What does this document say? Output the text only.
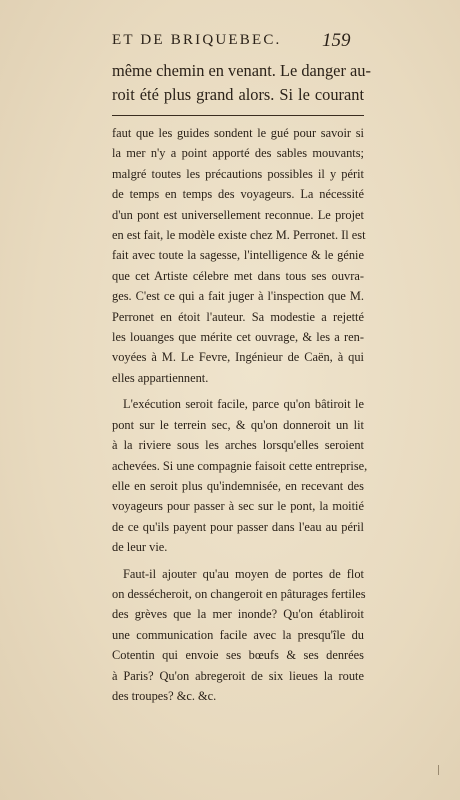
ET DE BRIQUEBEC. 159
même chemin en venant. Le danger au-
roit été plus grand alors. Si le courant
faut que les guides sondent le gué pour savoir si
la mer n'y a point apporté des sables mouvants;
malgré toutes les précautions possibles il y périt
de temps en temps des voyageurs. La nécessité
d'un pont est universellement reconnue. Le projet
en est fait, le modèle existe chez M. Perronet. Il est
fait avec toute la sagesse, l'intelligence & le génie
que cet Artiste célebre met dans tous ses ouvra-
ges. C'est ce qui a fait juger à l'inspection que M.
Perronet en étoit l'auteur. Sa modestie a rejetté
les louanges que mérite cet ouvrage, & les a ren-
voyées à M. Le Fevre, Ingénieur de Caën, à qui
elles appartiennent.
L'exécution seroit facile, parce qu'on bâtiroit le
pont sur le terrein sec, & qu'on donneroit un lit
à la riviere sous les arches lorsqu'elles seroient
achevées. Si une compagnie faisoit cette entreprise,
elle en seroit plus qu'indemnisée, en recevant des
voyageurs pour passer à sec sur le pont, la moitié
de ce qu'ils payent pour passer dans l'eau au péril
de leur vie.
Faut-il ajouter qu'au moyen de portes de flot
on dessécheroit, on changeroit en pâturages fertiles
des grèves que la mer inonde? Qu'on établiroit
une communication facile avec la presqu'île du
Cotentin qui envoie ses bœufs & ses denrées
à Paris? Qu'on abregeroit de six lieues la route
des troupes? &c. &c.
